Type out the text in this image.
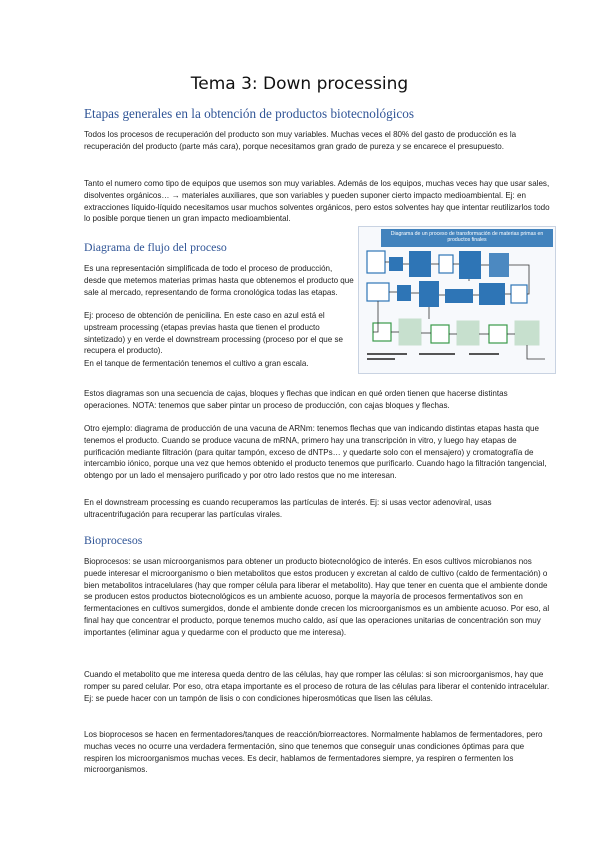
Tema 3: Down processing
Etapas generales en la obtención de productos biotecnológicos

Todos los procesos de recuperación del producto son muy variables. Muchas veces el 80% del gasto de producción es la recuperación del producto (parte más cara), porque necesitamos gran grado de pureza y se encarece el presupuesto.

Tanto el numero como tipo de equipos que usemos son muy variables. Además de los equipos, muchas veces hay que usar sales, disolventes orgánicos… → materiales auxiliares, que son variables y pueden suponer cierto impacto medioambiental. Ej: en extracciones líquido-líquido necesitamos usar muchos solventes orgánicos, pero estos solventes hay que intentar reutilizarlos todo lo posible porque tienen un gran impacto medioambiental.

Diagrama de flujo del proceso

Es una representación simplificada de todo el proceso de producción, desde que metemos materias primas hasta que obtenemos el producto que sale al mercado, representando de forma cronológica todas las etapas.

Ej: proceso de obtención de penicilina. En este caso en azul está el upstream processing (etapas previas hasta que tienen el producto sintetizado) y en verde el downstream processing (proceso por el que se recupera el producto).

En el tanque de fermentación tenemos el cultivo a gran escala.

Diagrama de un proceso de transformación de materias primas en productos finales

Estos diagramas son una secuencia de cajas, bloques y flechas que indican en qué orden tienen que hacerse distintas operaciones. NOTA: tenemos que saber pintar un proceso de producción, con cajas bloques y flechas.

Otro ejemplo: diagrama de producción de una vacuna de ARNm: tenemos flechas que van indicando distintas etapas hasta que tenemos el producto. Cuando se produce vacuna de mRNA, primero hay una transcripción in vitro, y luego hay etapas de purificación mediante filtración (para quitar tampón, exceso de dNTPs… y quedarte solo con el mensajero) y cromatografía de intercambio iónico, porque una vez que hemos obtenido el producto tenemos que purificarlo. Cuando hago la filtración tangencial, obtengo por un lado el mensajero purificado y por otro lado restos que no me interesan.

En el downstream processing es cuando recuperamos las partículas de interés. Ej: si usas vector adenoviral, usas ultracentrifugación para recuperar las partículas virales.

Bioprocesos

Bioprocesos: se usan microorganismos para obtener un producto biotecnológico de interés. En esos cultivos microbianos nos puede interesar el microorganismo o bien metabolitos que estos producen y excretan al caldo de cultivo (caldo de fermentación) o bien metabolitos intracelulares (hay que romper célula para liberar el metabolito). Hay que tener en cuenta que el ambiente donde se producen estos productos biotecnológicos es un ambiente acuoso, porque la mayoría de procesos fermentativos son en fermentaciones en cultivos sumergidos, donde el ambiente donde crecen los microorganismos es un ambiente acuoso. Por eso, al final hay que concentrar el producto, porque tenemos mucho caldo, así que las operaciones unitarias de concentración son muy importantes (eliminar agua y quedarme con el producto que me interesa).

Cuando el metabolito que me interesa queda dentro de las células, hay que romper las células: si son microorganismos, hay que romper su pared celular. Por eso, otra etapa importante es el proceso de rotura de las células para liberar el contenido intracelular. Ej: se puede hacer con un tampón de lisis o con condiciones hiperosmóticas que lisen las células.

Los bioprocesos se hacen en fermentadores/tanques de reacción/biorreactores. Normalmente hablamos de fermentadores, pero muchas veces no ocurre una verdadera fermentación, sino que tenemos que conseguir unas condiciones óptimas para que respiren los microorganismos muchas veces. Es decir, hablamos de fermentadores siempre, ya respiren o fermenten los microorganismos.
